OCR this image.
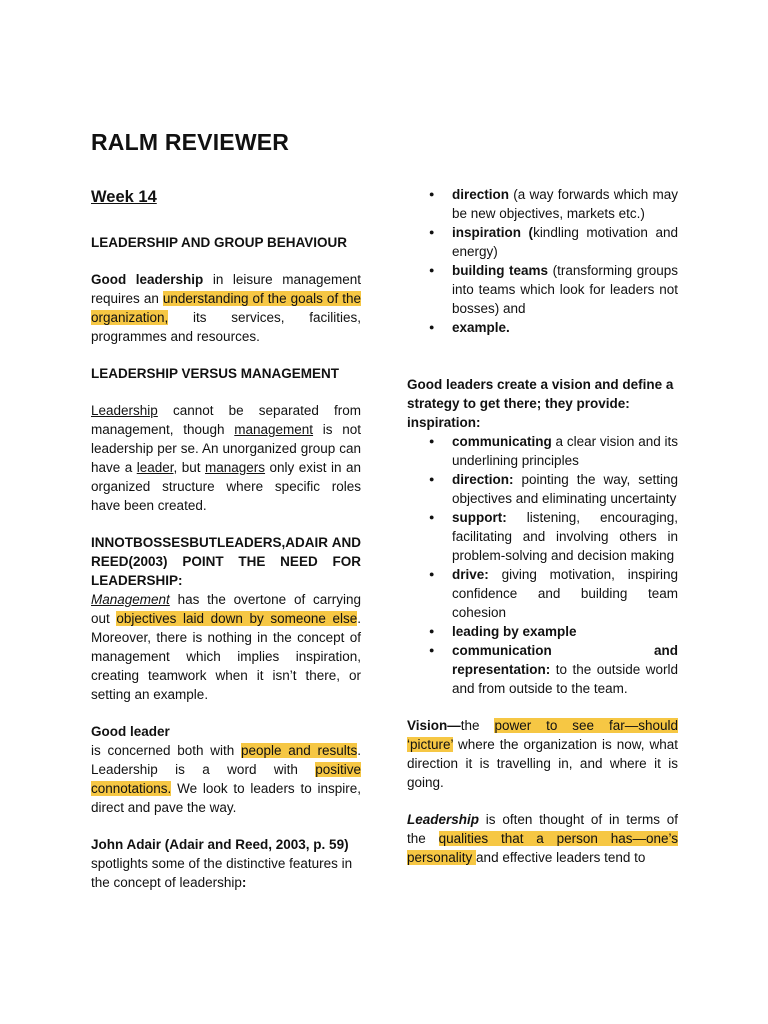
RALM REVIEWER
Week 14

LEADERSHIP AND GROUP BEHAVIOUR

Good leadership in leisure management requires an understanding of the goals of the organization, its services, facilities, programmes and resources.

LEADERSHIP VERSUS MANAGEMENT

Leadership cannot be separated from management, though management is not leadership per se. An unorganized group can have a leader, but managers only exist in an organized structure where specific roles have been created.

INNOTBOSSESBUTLEADERS,ADAIR AND REED(2003) POINT THE NEED FOR LEADERSHIP:

Management has the overtone of carrying out objectives laid down by someone else. Moreover, there is nothing in the concept of management which implies inspiration, creating teamwork when it isn’t there, or setting an example.

Good leader

is concerned both with people and results. Leadership is a word with positive connotations. We look to leaders to inspire, direct and pave the way.

John Adair (Adair and Reed, 2003, p. 59)

spotlights some of the distinctive features in the concept of leadership:

● direction (a way forwards which may be new objectives, markets etc.)
● inspiration (kindling motivation and energy)
● building teams (transforming groups into teams which look for leaders not bosses) and
● example.

Good leaders create a vision and define a strategy to get there; they provide: inspiration:

● communicating a clear vision and its underlining principles
● direction: pointing the way, setting objectives and eliminating uncertainty
● support: listening, encouraging, facilitating and involving others in problem-solving and decision making
● drive: giving motivation, inspiring confidence and building team cohesion
● leading by example
● communication and representation: to the outside world and from outside to the team.

Vision—the power to see far—should ‘picture’ where the organization is now, what direction it is travelling in, and where it is going.

Leadership is often thought of in terms of the qualities that a person has—one’s personality and effective leaders tend to
